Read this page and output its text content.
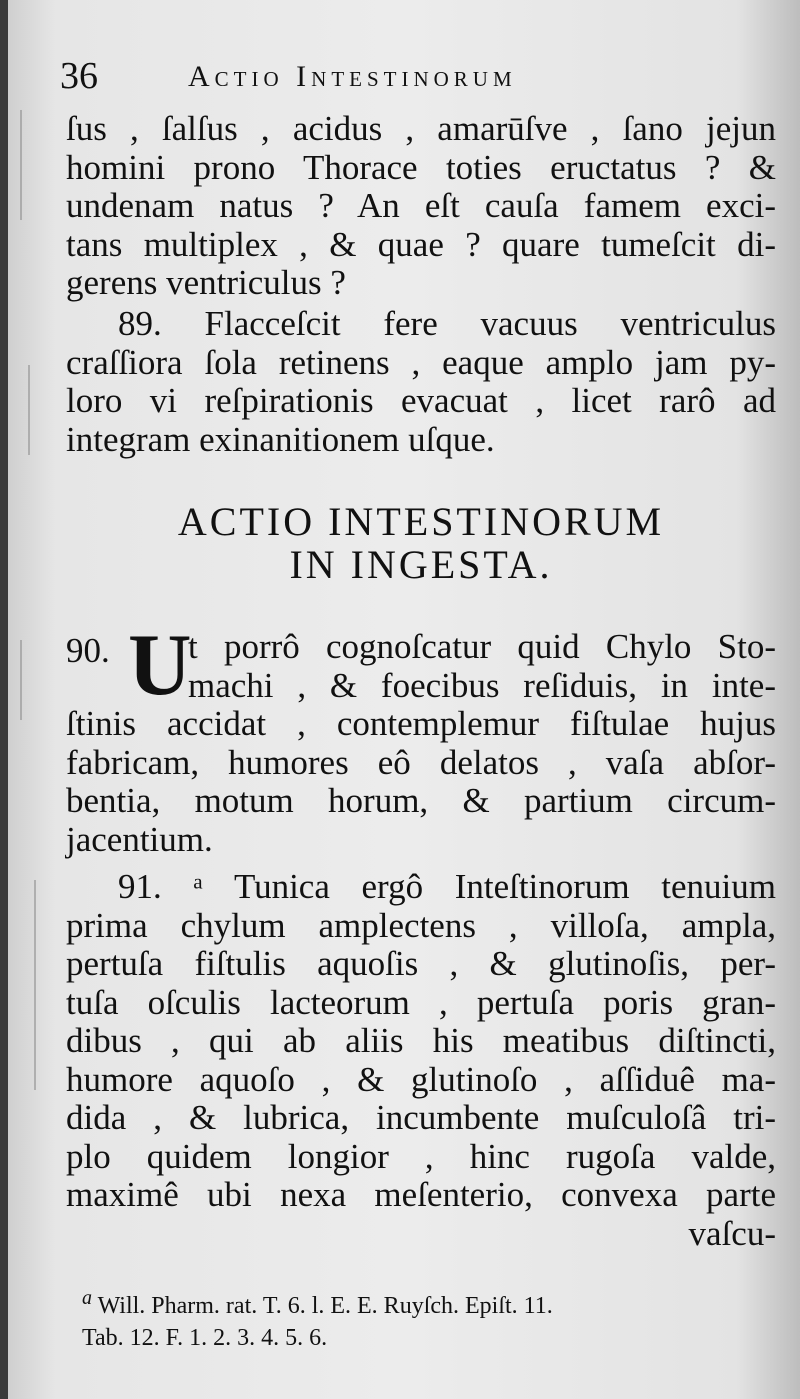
36	Actio Intestinorum
ſus , ſalſus , acidus , amarūſve , ſano jejun
homini prono Thorace toties eructatus ? &
undenam natus ? An eſt cauſa famem exci-
tans multiplex , & quae ? quare tumeſcit di-
gerens ventriculus ?
89. Flacceſcit fere vacuus ventriculus
craſſiora ſola retinens , eaque amplo jam py-
loro vi reſpirationis evacuat , licet rarô ad
integram exinanitionem uſque.
ACTIO INTESTINORUM
IN INGESTA.
90. U
t porrô cognoſcatur quid Chylo Sto-
machi , & foecibus reſiduis, in inte-
ſtinis accidat , contemplemur fiſtulae hujus
fabricam, humores eô delatos , vaſa abſor-
bentia, motum horum, & partium circum-
jacentium.
91. ᵃ Tunica ergô Inteſtinorum tenuium
prima chylum amplectens , villoſa, ampla,
pertuſa fiſtulis aquoſis , & glutinoſis, per-
tuſa oſculis lacteorum , pertuſa poris gran-
dibus , qui ab aliis his meatibus diſtincti,
humore aquoſo , & glutinoſo , aſſiduê ma-
dida , & lubrica, incumbente muſculoſâ tri-
plo quidem longior , hinc rugoſa valde,
maximê ubi nexa meſenterio, convexa parte
vaſcu-
$^a$ Will. Pharm. rat. T. 6. l. E. E. Ruyſch. Epiſt. 11.
Tab. 12. F. 1. 2. 3. 4. 5. 6.
